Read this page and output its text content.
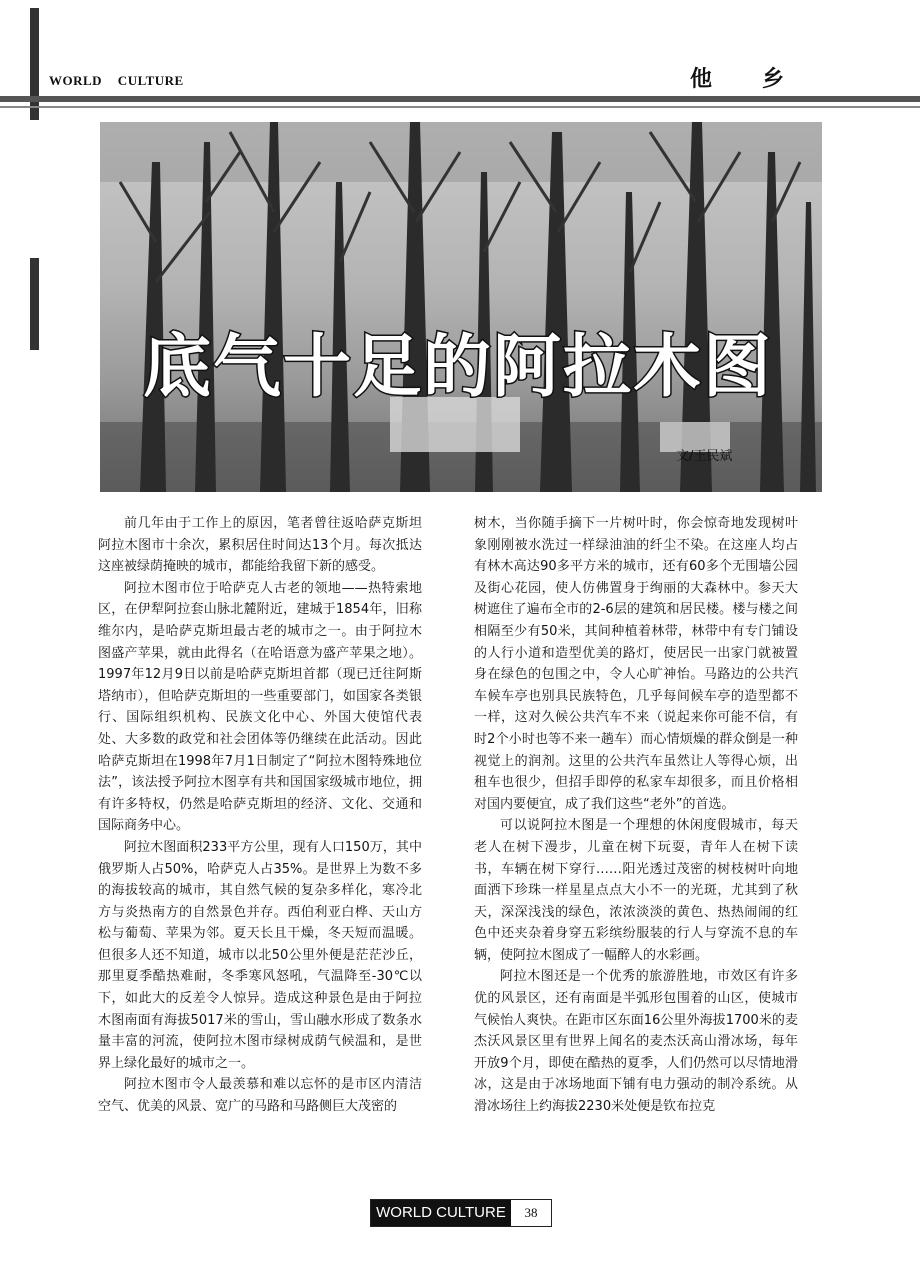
WORLD CULTURE	他乡
底气十足的阿拉木图
文/王民斌

前几年由于工作上的原因，笔者曾往返哈萨克斯坦阿拉木图市十余次，累积居住时间达13个月。每次抵达这座被绿荫掩映的城市，都能给我留下新的感受。

阿拉木图市位于哈萨克人古老的领地——热特索地区，在伊犁阿拉套山脉北麓附近，建城于1854年，旧称维尔内，是哈萨克斯坦最古老的城市之一。由于阿拉木图盛产苹果，就由此得名（在哈语意为盛产苹果之地）。1997年12月9日以前是哈萨克斯坦首都（现已迁往阿斯塔纳市），但哈萨克斯坦的一些重要部门，如国家各类银行、国际组织机构、民族文化中心、外国大使馆代表处、大多数的政党和社会团体等仍继续在此活动。因此哈萨克斯坦在1998年7月1日制定了“阿拉木图特殊地位法”，该法授予阿拉木图享有共和国国家级城市地位，拥有许多特权，仍然是哈萨克斯坦的经济、文化、交通和国际商务中心。

阿拉木图面积233平方公里，现有人口150万，其中俄罗斯人占50%，哈萨克人占35%。是世界上为数不多的海拔较高的城市，其自然气候的复杂多样化，寒冷北方与炎热南方的自然景色并存。西伯利亚白桦、天山方松与葡萄、苹果为邻。夏天长且干燥，冬天短而温暖。但很多人还不知道，城市以北50公里外便是茫茫沙丘，那里夏季酷热难耐，冬季寒风怒吼，气温降至-30℃以下，如此大的反差令人惊异。造成这种景色是由于阿拉木图南面有海拔5017米的雪山，雪山融水形成了数条水量丰富的河流，使阿拉木图市绿树成荫气候温和，是世界上绿化最好的城市之一。

阿拉木图市令人最羡慕和难以忘怀的是市区内清洁空气、优美的风景、宽广的马路和马路侧巨大茂密的

树木，当你随手摘下一片树叶时，你会惊奇地发现树叶象刚刚被水洗过一样绿油油的纤尘不染。在这座人均占有林木高达90多平方米的城市，还有60多个无围墙公园及街心花园，使人仿佛置身于绚丽的大森林中。参天大树遮住了遍布全市的2-6层的建筑和居民楼。楼与楼之间相隔至少有50米，其间种植着林带，林带中有专门铺设的人行小道和造型优美的路灯，使居民一出家门就被置身在绿色的包围之中，令人心旷神怡。马路边的公共汽车候车亭也别具民族特色，几乎每间候车亭的造型都不一样，这对久候公共汽车不来（说起来你可能不信，有时2个小时也等不来一趟车）而心情烦燥的群众倒是一种视觉上的润剂。这里的公共汽车虽然让人等得心烦，出租车也很少，但招手即停的私家车却很多，而且价格相对国内要便宜，成了我们这些“老外”的首选。

可以说阿拉木图是一个理想的休闲度假城市，每天老人在树下漫步，儿童在树下玩耍，青年人在树下读书，车辆在树下穿行……阳光透过茂密的树枝树叶向地面洒下珍珠一样星星点点大小不一的光斑，尤其到了秋天，深深浅浅的绿色，浓浓淡淡的黄色、热热闹闹的红色中还夹杂着身穿五彩缤纷服装的行人与穿流不息的车辆，使阿拉木图成了一幅醉人的水彩画。

阿拉木图还是一个优秀的旅游胜地，市效区有许多优的风景区，还有南面是半弧形包围着的山区，使城市气候怡人爽快。在距市区东面16公里外海拔1700米的麦杰沃风景区里有世界上闻名的麦杰沃高山滑冰场，每年开放9个月，即使在酷热的夏季，人们仍然可以尽情地滑冰，这是由于冰场地面下铺有电力强动的制冷系统。从滑冰场往上约海拔2230米处便是钦布拉克

WORLD CULTURE	38
